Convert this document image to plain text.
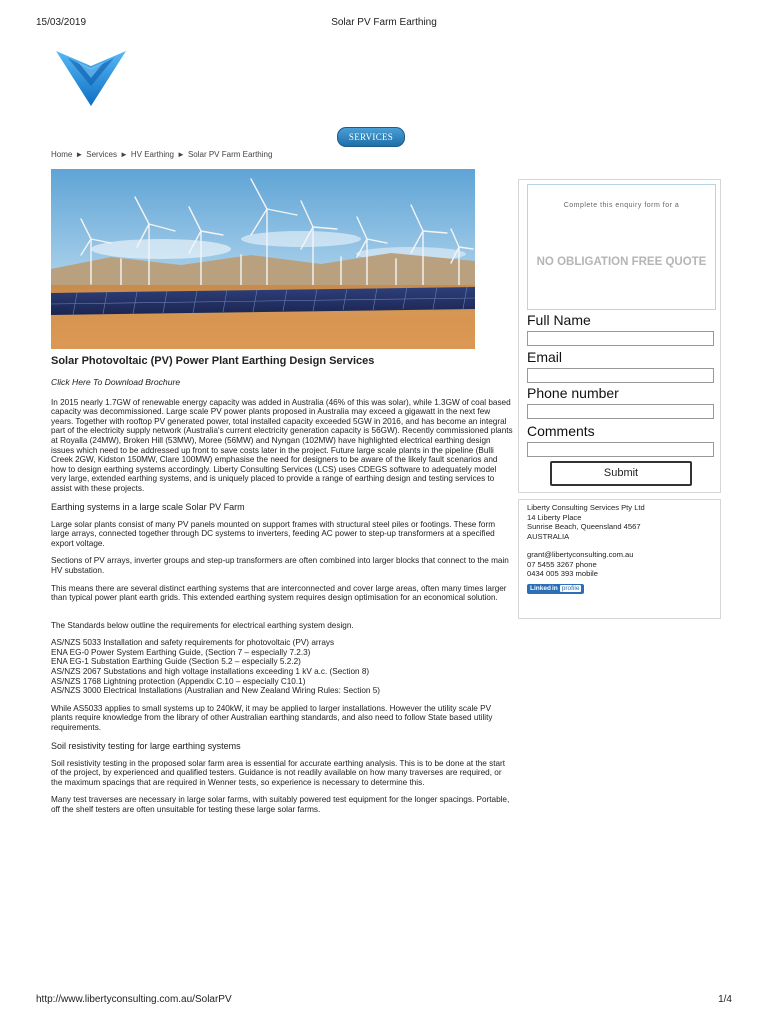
15/03/2019	Solar PV Farm Earthing
SERVICES
Home ► Services ► HV Earthing ► Solar PV Farm Earthing
Solar Photovoltaic (PV) Power Plant Earthing Design Services
Click Here To Download Brochure

In 2015 nearly 1.7GW of renewable energy capacity was added in Australia (46% of this was solar), while 1.3GW of coal based capacity was decommissioned. Large scale PV power plants proposed in Australia may exceed a gigawatt in the next few years. Together with rooftop PV generated power, total installed capacity exceeded 5GW in 2016, and has become an integral part of the electricity supply network (Australia's current electricity generation capacity is 56GW). Recently commissioned plants at Royalla (24MW), Broken Hill (53MW), Moree (56MW) and Nyngan (102MW) have highlighted electrical earthing design issues which need to be addressed up front to save costs later in the project. Future large scale plants in the pipeline (Bulli Creek 2GW, Kidston 150MW, Clare 100MW) emphasise the need for designers to be aware of the likely fault scenarios and how to design earthing systems accordingly. Liberty Consulting Services (LCS) uses CDEGS software to adequately model very large, extended earthing systems, and is uniquely placed to provide a range of earthing design and testing services to assist with these projects.

Earthing systems in a large scale Solar PV Farm

Large solar plants consist of many PV panels mounted on support frames with structural steel piles or footings. These form large arrays, connected together through DC systems to inverters, feeding AC power to step-up transformers at a specified export voltage.

Sections of PV arrays, inverter groups and step-up transformers are often combined into larger blocks that connect to the main HV substation.

This means there are several distinct earthing systems that are interconnected and cover large areas, often many times larger than typical power plant earth grids. This extended earthing system requires design optimisation for an economical solution.

The Standards below outline the requirements for electrical earthing system design.

AS/NZS 5033 Installation and safety requirements for photovoltaic (PV) arrays
ENA EG-0 Power System Earthing Guide, (Section 7 – especially 7.2.3)
ENA EG-1 Substation Earthing Guide (Section 5.2 – especially 5.2.2)
AS/NZS 2067 Substations and high voltage installations exceeding 1 kV a.c. (Section 8)
AS/NZS 1768 Lightning protection (Appendix C.10 – especially C10.1)
AS/NZS 3000 Electrical Installations (Australian and New Zealand Wiring Rules: Section 5)

While AS5033 applies to small systems up to 240kW, it may be applied to larger installations. However the utility scale PV plants require knowledge from the library of other Australian earthing standards, and also need to follow State based utility requirements.

Soil resistivity testing for large earthing systems

Soil resistivity testing in the proposed solar farm area is essential for accurate earthing analysis. This is to be done at the start of the project, by experienced and qualified testers. Guidance is not readily available on how many traverses are required, or the maximum spacings that are required in Wenner tests, so experience is necessary to determine this.

Many test traverses are necessary in large solar farms, with suitably powered test equipment for the longer spacings. Portable, off the shelf testers are often unsuitable for testing these large solar farms.

Complete this enquiry form for a
NO OBLIGATION FREE QUOTE
Full Name
Email
Phone number
Comments
Submit
Liberty Consulting Services Pty Ltd
14 Liberty Place
Sunrise Beach, Queensland 4567
AUSTRALIA
grant@libertyconsulting.com.au
07 5455 3267 phone
0434 005 393 mobile
Linkedin profile
http://www.libertyconsulting.com.au/SolarPV	1/4
